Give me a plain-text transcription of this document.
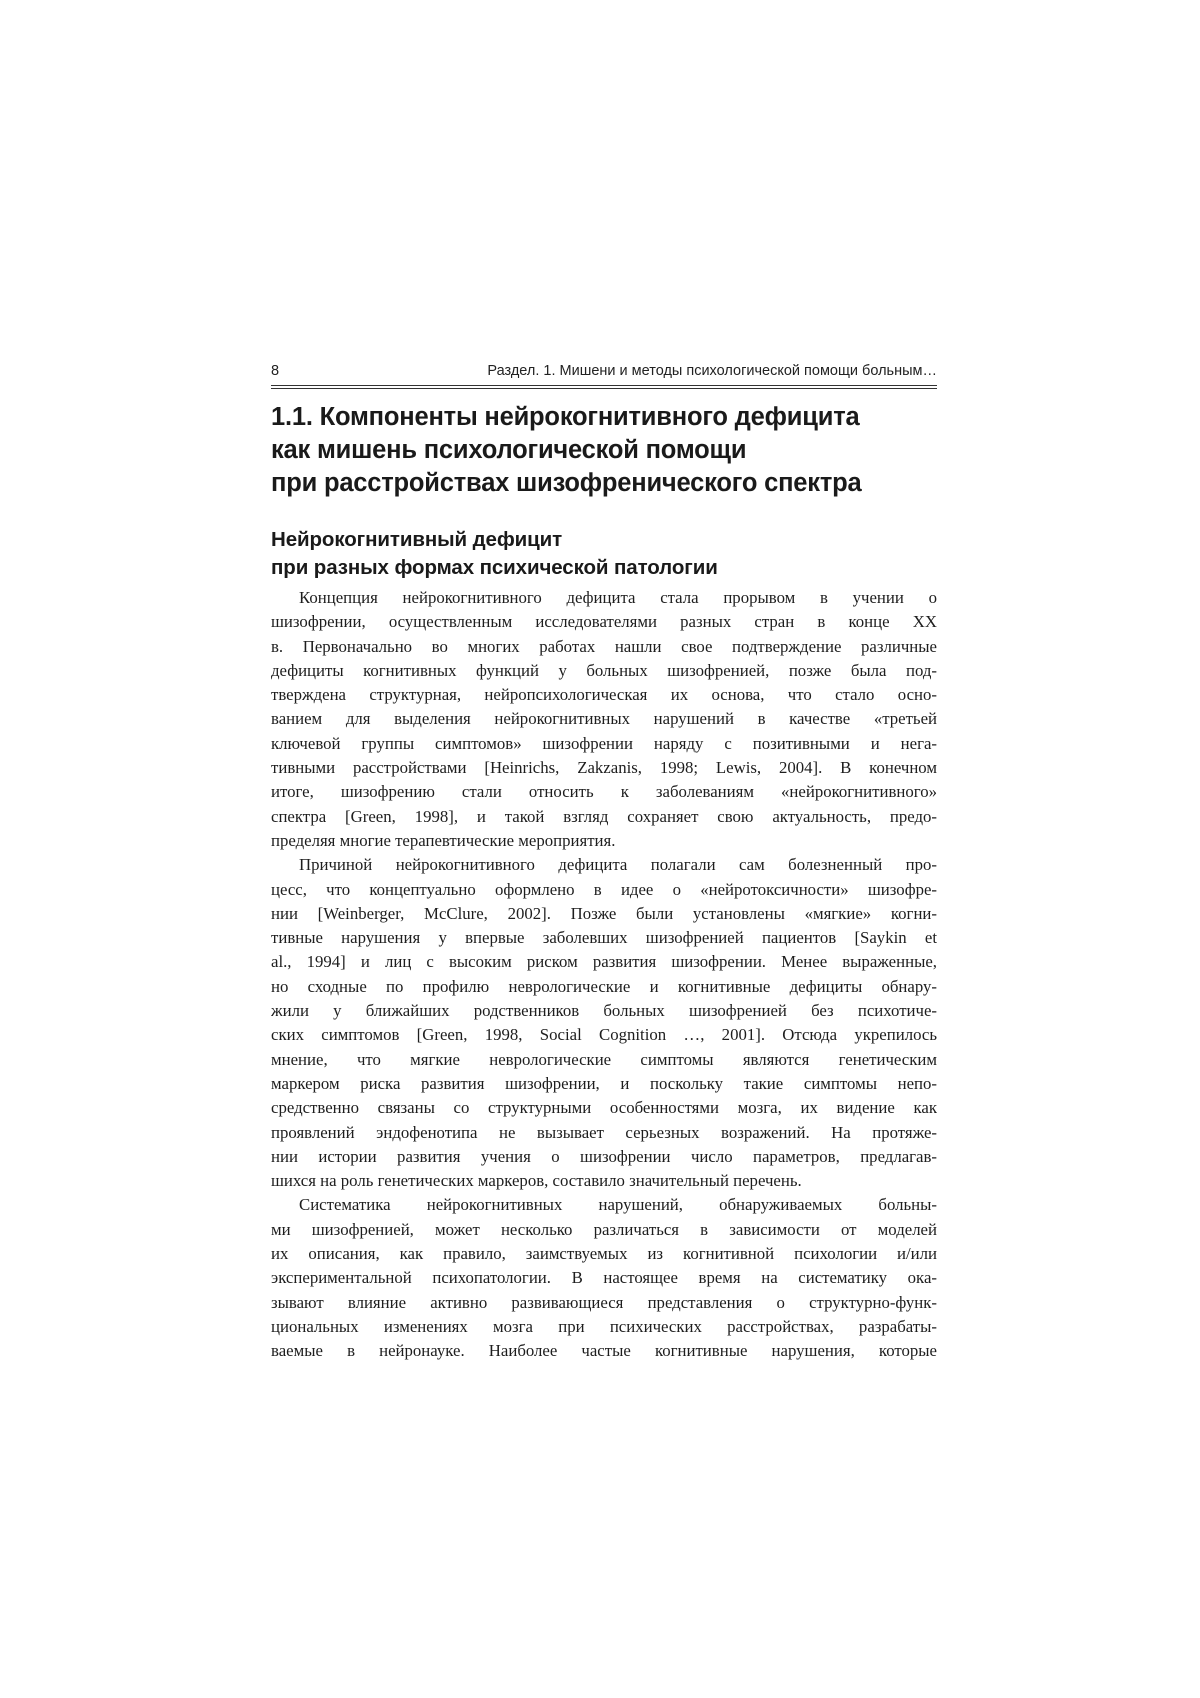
8	Раздел. 1. Мишени и методы психологической помощи больным…
1.1. Компоненты нейрокогнитивного дефицита
как мишень психологической помощи
при расстройствах шизофренического спектра
Нейрокогнитивный дефицит
при разных формах психической патологии

Концепция нейрокогнитивного дефицита стала прорывом в учении о
шизофрении, осуществленным исследователями разных стран в конце XX
в. Первоначально во многих работах нашли свое подтверждение различные
дефициты когнитивных функций у больных шизофренией, позже была под-
тверждена структурная, нейропсихологическая их основа, что стало осно-
ванием для выделения нейрокогнитивных нарушений в качестве «третьей
ключевой группы симптомов» шизофрении наряду с позитивными и нега-
тивными расстройствами [Heinrichs, Zakzanis, 1998; Lewis, 2004]. В конечном
итоге, шизофрению стали относить к заболеваниям «нейрокогнитивного»
спектра [Green, 1998], и такой взгляд сохраняет свою актуальность, предо-
пределяя многие терапевтические мероприятия.

Причиной нейрокогнитивного дефицита полагали сам болезненный про-
цесс, что концептуально оформлено в идее о «нейротоксичности» шизофре-
нии [Weinberger, McClure, 2002]. Позже были установлены «мягкие» когни-
тивные нарушения у впервые заболевших шизофренией пациентов [Saykin et
al., 1994] и лиц с высоким риском развития шизофрении. Менее выраженные,
но сходные по профилю неврологические и когнитивные дефициты обнару-
жили у ближайших родственников больных шизофренией без психотиче-
ских симптомов [Green, 1998, Social Cognition …, 2001]. Отсюда укрепилось
мнение, что мягкие неврологические симптомы являются генетическим
маркером риска развития шизофрении, и поскольку такие симптомы непо-
средственно связаны со структурными особенностями мозга, их видение как
проявлений эндофенотипа не вызывает серьезных возражений. На протяже-
нии истории развития учения о шизофрении число параметров, предлагав-
шихся на роль генетических маркеров, составило значительный перечень.

Систематика нейрокогнитивных нарушений, обнаруживаемых больны-
ми шизофренией, может несколько различаться в зависимости от моделей
их описания, как правило, заимствуемых из когнитивной психологии и/или
экспериментальной психопатологии. В настоящее время на систематику ока-
зывают влияние активно развивающиеся представления о структурно-функ-
циональных изменениях мозга при психических расстройствах, разрабаты-
ваемые в нейронауке. Наиболее частые когнитивные нарушения, которые
